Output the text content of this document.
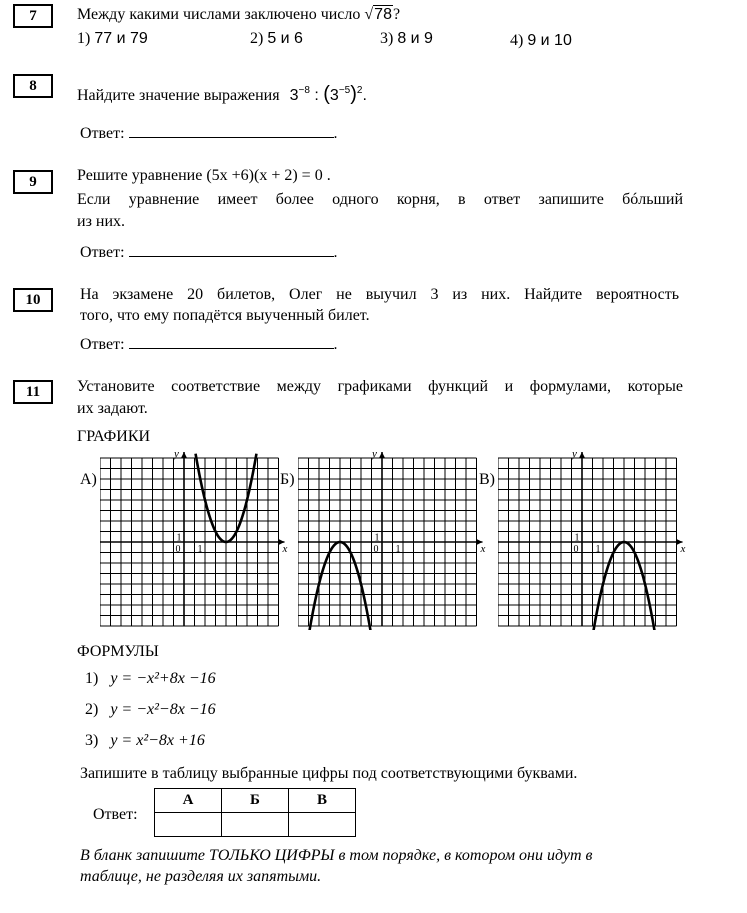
7	Между какими числами заключено число √78?
1) 77 и 79	2) 5 и 6	3) 8 и 9	4) 9 и 10
8
Найдите значение выражения $3^{-8}$ : $(3^{-5})^2$.
Ответ:	.
9	Решите уравнение (5x +6)(x + 2) = 0 .
Если уравнение имеет более одного корня, в ответ запишите бóльший
из них.
Ответ:	.
10	На экзамене 20 билетов, Олег не выучил 3 из них. Найдите вероятность
того, что ему попадётся выученный билет.
Ответ:	.
11	Установите соответствие между графиками функций и формулами, которые
их задают.
ГРАФИКИ
А)	Б)	В)
x
y
0 1
1
x
y
0 1
1
x
y
0 1
1
ФОРМУЛЫ
1) y = −x²+8x −16
2) y = −x²−8x −16
3) y = x²−8x +16
Запишите в таблицу выбранные цифры под соответствующими буквами.
Ответ:
А	Б	В

В бланк запишите ТОЛЬКО ЦИФРЫ в том порядке, в котором они идут в
таблице, не разделяя их запятыми.
